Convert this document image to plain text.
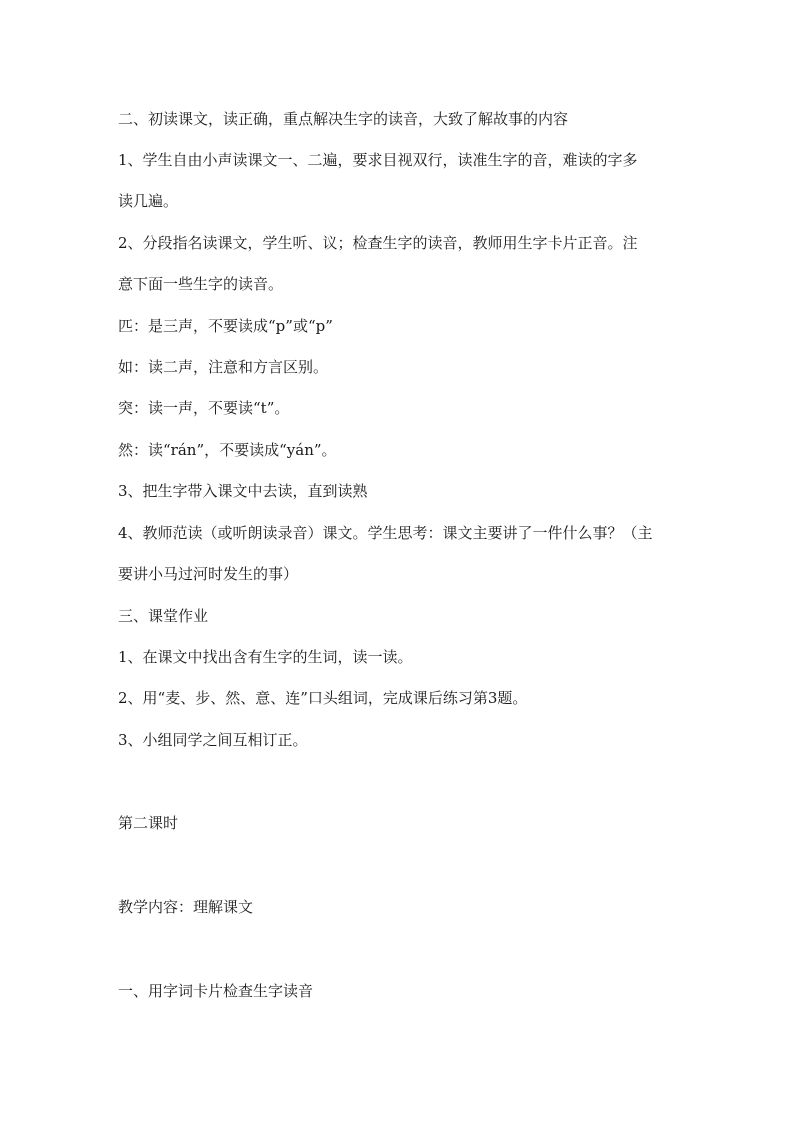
二、初读课文，读正确，重点解决生字的读音，大致了解故事的内容
1、学生自由小声读课文一、二遍，要求目视双行，读准生字的音，难读的字多
读几遍。
2、分段指名读课文，学生听、议；检查生字的读音，教师用生字卡片正音。注
意下面一些生字的读音。
匹：是三声，不要读成“p”或“p”
如：读二声，注意和方言区别。
突：读一声，不要读“t”。
然：读“rán”，不要读成“yán”。
3、把生字带入课文中去读，直到读熟
4、教师范读（或听朗读录音）课文。学生思考：课文主要讲了一件什么事？（主
要讲小马过河时发生的事）
三、课堂作业
1、在课文中找出含有生字的生词，读一读。
2、用“麦、步、然、意、连”口头组词，完成课后练习第3题。
3、小组同学之间互相订正。
第二课时
教学内容：理解课文
一、用字词卡片检查生字读音
